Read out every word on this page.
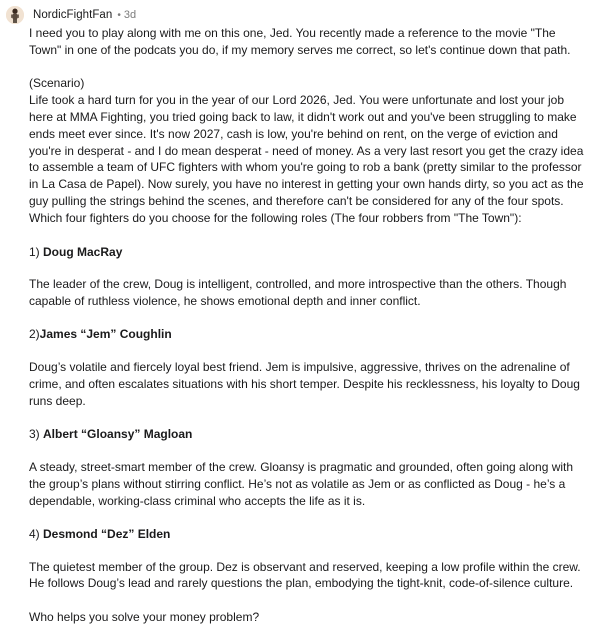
NordicFightFan • 3d

I need you to play along with me on this one, Jed. You recently made a reference to the movie "The Town" in one of the podcats you do, if my memory serves me correct, so let's continue down that path.

(Scenario)

Life took a hard turn for you in the year of our Lord 2026, Jed. You were unfortunate and lost your job here at MMA Fighting, you tried going back to law, it didn't work out and you've been struggling to make ends meet ever since. It's now 2027, cash is low, you're behind on rent, on the verge of eviction and you're in desperat - and I do mean desperat - need of money. As a very last resort you get the crazy idea to assemble a team of UFC fighters with whom you're going to rob a bank (pretty similar to the professor in La Casa de Papel). Now surely, you have no interest in getting your own hands dirty, so you act as the guy pulling the strings behind the scenes, and therefore can't be considered for any of the four spots.

Which four fighters do you choose for the following roles (The four robbers from "The Town"):

1) Doug MacRay

The leader of the crew, Doug is intelligent, controlled, and more introspective than the others. Though capable of ruthless violence, he shows emotional depth and inner conflict.

2)James “Jem” Coughlin

Doug’s volatile and fiercely loyal best friend. Jem is impulsive, aggressive, thrives on the adrenaline of crime, and often escalates situations with his short temper. Despite his recklessness, his loyalty to Doug runs deep.

3) Albert “Gloansy” Magloan

A steady, street-smart member of the crew. Gloansy is pragmatic and grounded, often going along with the group’s plans without stirring conflict. He’s not as volatile as Jem or as conflicted as Doug - he’s a dependable, working-class criminal who accepts the life as it is.

4) Desmond “Dez” Elden

The quietest member of the group. Dez is observant and reserved, keeping a low profile within the crew. He follows Doug’s lead and rarely questions the plan, embodying the tight-knit, code-of-silence culture.

Who helps you solve your money problem?
